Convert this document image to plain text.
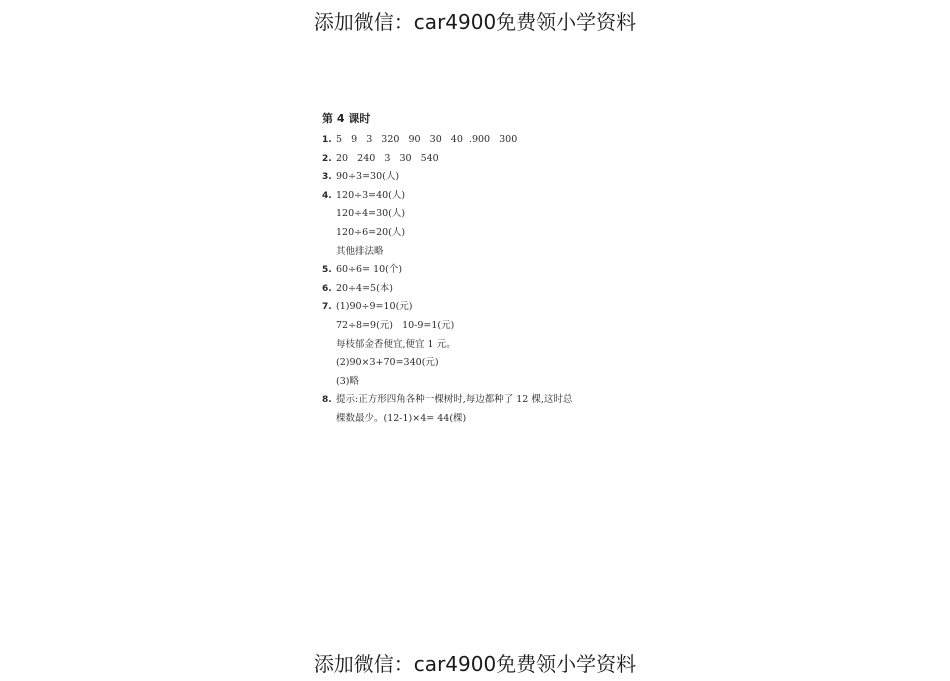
添加微信：car4900免费领小学资料
第 4 课时
1. 5   9   3   320   90   30   40  .900   300
2. 20   240   3   30   540
3. 90÷3=30(人)
4. 120÷3=40(人)
120÷4=30(人)
120÷6=20(人)
其他排法略
5. 60÷6= 10(个)
6. 20÷4=5(本)
7. (1)90÷9=10(元)
72÷8=9(元)   10-9=1(元)
每枝郁金香便宜,便宜 1 元。
(2)90×3+70=340(元)
(3)略
8. 提示:正方形四角各种一棵树时,每边都种了 12 棵,这时总
棵数最少。(12-1)×4= 44(棵)
添加微信：car4900免费领小学资料
